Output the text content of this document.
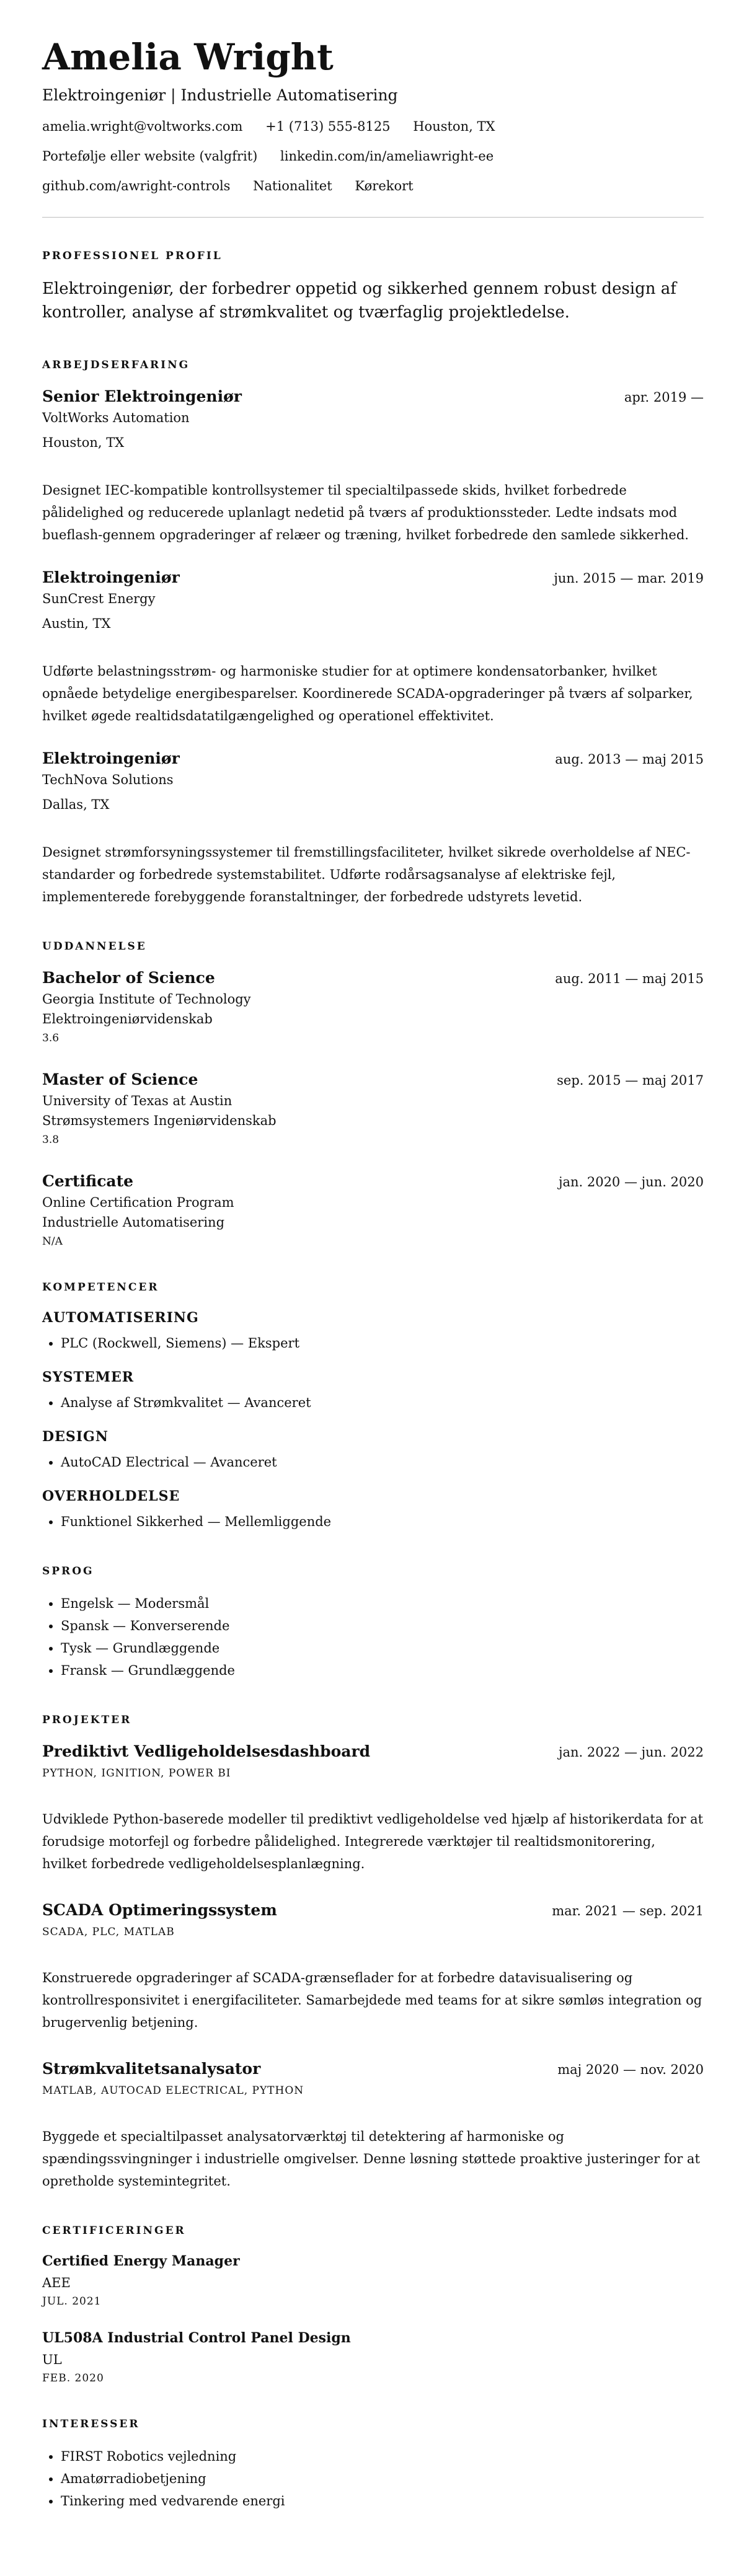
Amelia Wright
Elektroingeniør | Industrielle Automatisering
amelia.wright@voltworks.com +1 (713) 555-8125 Houston, TX
Portefølje eller website (valgfrit) linkedin.com/in/ameliawright-ee
github.com/awright-controls Nationalitet Kørekort
PROFESSIONEL PROFIL
Elektroingeniør, der forbedrer oppetid og sikkerhed gennem robust design af kontroller, analyse af strømkvalitet og tværfaglig projektledelse.
ARBEJDSERFARING
Senior Elektroingeniør	apr. 2019 —
VoltWorks Automation
Houston, TX
Designet IEC-kompatible kontrollsystemer til specialtilpassede skids, hvilket forbedrede pålidelighed og reducerede uplanlagt nedetid på tværs af produktionssteder. Ledte indsats mod bueflash-gennem opgraderinger af relæer og træning, hvilket forbedrede den samlede sikkerhed.
Elektroingeniør	jun. 2015 — mar. 2019
SunCrest Energy
Austin, TX
Udførte belastningsstrøm- og harmoniske studier for at optimere kondensatorbanker, hvilket opnåede betydelige energibesparelser. Koordinerede SCADA-opgraderinger på tværs af solparker, hvilket øgede realtidsdatatilgængelighed og operationel effektivitet.
Elektroingeniør	aug. 2013 — maj 2015
TechNova Solutions
Dallas, TX
Designet strømforsyningssystemer til fremstillingsfaciliteter, hvilket sikrede overholdelse af NEC-standarder og forbedrede systemstabilitet. Udførte rodårsagsanalyse af elektriske fejl, implementerede forebyggende foranstaltninger, der forbedrede udstyrets levetid.
UDDANNELSE
Bachelor of Science	aug. 2011 — maj 2015
Georgia Institute of Technology
Elektroingeniørvidenskab
3.6
Master of Science	sep. 2015 — maj 2017
University of Texas at Austin
Strømsystemers Ingeniørvidenskab
3.8
Certificate	jan. 2020 — jun. 2020
Online Certification Program
Industrielle Automatisering
N/A
KOMPETENCER
AUTOMATISERING
• PLC (Rockwell, Siemens) — Ekspert
SYSTEMER
• Analyse af Strømkvalitet — Avanceret
DESIGN
• AutoCAD Electrical — Avanceret
OVERHOLDELSE
• Funktionel Sikkerhed — Mellemliggende
SPROG
• Engelsk — Modersmål
• Spansk — Konverserende
• Tysk — Grundlæggende
• Fransk — Grundlæggende
PROJEKTER
Prediktivt Vedligeholdelsesdashboard	jan. 2022 — jun. 2022
PYTHON, IGNITION, POWER BI
Udviklede Python-baserede modeller til prediktivt vedligeholdelse ved hjælp af historikerdata for at forudsige motorfejl og forbedre pålidelighed. Integrerede værktøjer til realtidsmonitorering, hvilket forbedrede vedligeholdelsesplanlægning.
SCADA Optimeringssystem	mar. 2021 — sep. 2021
SCADA, PLC, MATLAB
Konstruerede opgraderinger af SCADA-grænseflader for at forbedre datavisualisering og kontrollresponsivitet i energifaciliteter. Samarbejdede med teams for at sikre sømløs integration og brugervenlig betjening.
Strømkvalitetsanalysator	maj 2020 — nov. 2020
MATLAB, AUTOCAD ELECTRICAL, PYTHON
Byggede et specialtilpasset analysatorværktøj til detektering af harmoniske og spændingssvingninger i industrielle omgivelser. Denne løsning støttede proaktive justeringer for at opretholde systemintegritet.
CERTIFICERINGER
Certified Energy Manager
AEE
JUL. 2021
UL508A Industrial Control Panel Design
UL
FEB. 2020
INTERESSER
• FIRST Robotics vejledning
• Amatørradiobetjening
• Tinkering med vedvarende energi
